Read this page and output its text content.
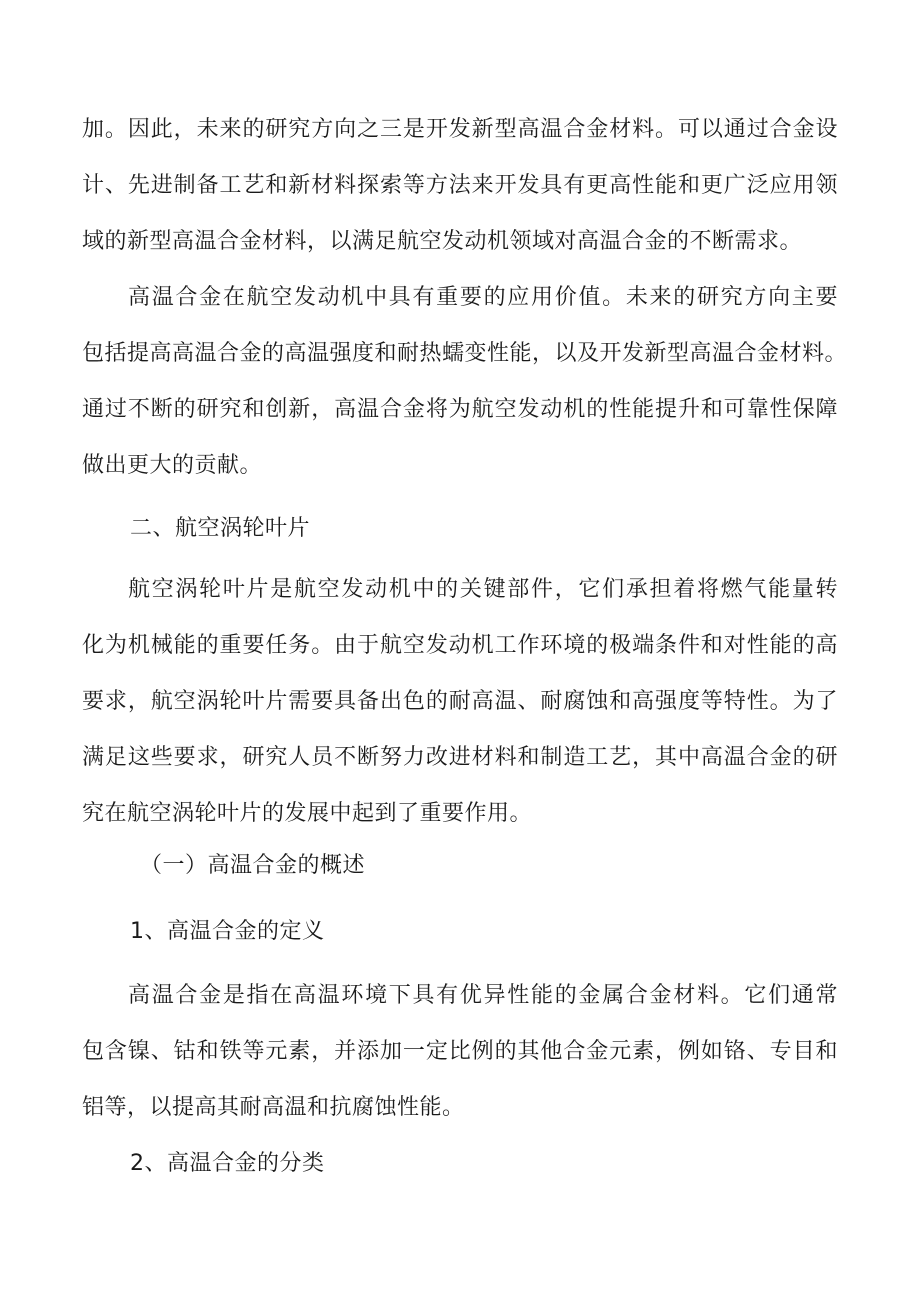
加。因此，未来的研究方向之三是开发新型高温合金材料。可以通过合金设
计、先进制备工艺和新材料探索等方法来开发具有更高性能和更广泛应用领
域的新型高温合金材料，以满足航空发动机领域对高温合金的不断需求。
高温合金在航空发动机中具有重要的应用价值。未来的研究方向主要
包括提高高温合金的高温强度和耐热蠕变性能，以及开发新型高温合金材料。
通过不断的研究和创新，高温合金将为航空发动机的性能提升和可靠性保障
做出更大的贡献。
二、航空涡轮叶片
航空涡轮叶片是航空发动机中的关键部件，它们承担着将燃气能量转
化为机械能的重要任务。由于航空发动机工作环境的极端条件和对性能的高
要求，航空涡轮叶片需要具备出色的耐高温、耐腐蚀和高强度等特性。为了
满足这些要求，研究人员不断努力改进材料和制造工艺，其中高温合金的研
究在航空涡轮叶片的发展中起到了重要作用。
（一）高温合金的概述
1、高温合金的定义
高温合金是指在高温环境下具有优异性能的金属合金材料。它们通常
包含镍、钴和铁等元素，并添加一定比例的其他合金元素，例如铬、专目和
铝等，以提高其耐高温和抗腐蚀性能。
2、高温合金的分类
